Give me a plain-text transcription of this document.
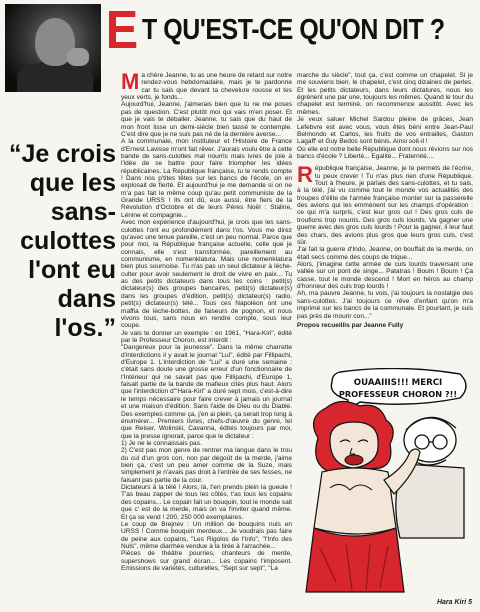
E T QU'EST-CE QU'ON DIT ?
“Je crois que les sans-culottes l'ont eu dans l'os.”

Ma chère Jeanne, tu as une heure de retard sur notre rendez-vous hebdomadaire, mais je te pardonne car tu sais que devant ta chevelure rousse et tes yeux verts, je fonds...

Aujourd'hui, Jeanne, j'aimerais bien que tu ne me poses pas de question. C'est plutôt moi qui vais m'en poser. Et que je vais te déballer. Jeanne, tu sais que du haut de mon front lisse un demi-siècle bien tassé te contemple. C'est dire que je ne suis pas né de la dernière averse...

A la communale, mon instituteur et l'Histoire de France d'Ernest Lavisse m'ont fait rêver. J'aurais voulu être à cette bande de sans-culottes mal nourris mais ivres de joie à l'idée de se battre pour faire triompher les idées républicaines. La République française, tu te rends compte ! Dans nos p'tites têtes sur les bancs de l'école, on en explosait de fierté. Et aujourd'hui je me demande si on ne m'a pas fait le même coup qu'au petit communiste de la Grande URSS ! Ils ont dû, eux aussi, être fiers de la Révolution d'Octobre et de leurs Pères Noël : Staline, Lénine et compagnie...

Avec mon expérience d'aujourd'hui, je crois que les sans-culottes l'ont eu profondément dans l'os. Vous me direz qu'avec une tenue pareille, c'est un peu normal. Parce que pour moi, la République française actuelle, celle que je connais, elle s'est transformée, pareillement au communisme, en nomenklatura. Mais une nomenklatura bien plus sournoise. Tu n'as pas un seul dictateur à lèche-culter pour avoir seulement le droit de vivre en paix... Tu as des petits dictateurs dans tous les coins : petit(s) dictateur(s) des groupes bancaires, petit(s) dictateur(s) dans les groupes d'édition, petit(s) dictateur(s) radio, petit(s) dictateur(s) télé... Tous ces Napoléon ont une maffia de lèche-bottes, de faiseurs de pognon, et nous vivons tous, sans nous en rendre compte, sous leur coupe.

Je vais te donner un exemple : en 1961, "Hara-Kiri", édité par le Professeur Choron, est interdit :

"Dangereux pour la jeunesse". Dans la même charrette d'interdictions il y avait le journal "Lui", édité par Fillipachi, d'Europe 1. L'interdiction de "Lui" a duré une semaine : c'était sans doute une grosse erreur d'un fonctionnaire de l'Intérieur qui ne savait pas que Fillipachi, d'Europe 1, faisait partie de la bande de mafieux cités plus haut. Alors que l'interdiction d'"Hara-Kiri" a duré sept mois, c'est-à-dire le temps nécessaire pour faire crever à jamais un journal et une maison d'édition. Sans l'aide de Dieu ou du Diable. Des exemples comme ça, j'en ai plein, ça serait trop long à énumérer... Premiers livres, chefs-d'œuvre du genre, tel que Reiser, Wolinski, Cavanna, édités toujours par moi, que la presse ignorait, parce que le dictateur :

1) Je ne le connaissais pas.

2) C'est pas mon genre de rentrer ma langue dans le trou du cul d'un gros con, non par dégoût de la merde, j'aime bien ça, c'est un peu amer comme de la Suze, mais simplement je n'avais pas droit à l'entrée de ses fesses, ne faisant pas partie de la cour.

Dictateurs à la télé ! Alors, là, t'en prends plein la gueule ! T'as beau zapper de tous les côtés, t'as tous les copains des copains... Le copain fait un bouquin, tout le monde sait que c' est de la merde, mais on va l'inviter quand même. Et ça se vend ! 200, 250 000 exemplaires.

Le coup de Brejnev : Un million de bouquins nuls en URSS ! Comme bouquin merdeux... Je voudrais pas faire de peine aux copains, "Les Rigolos de l'Info", "l'Info des Nuls", même diarrhée vendue à la tirée à l'arrachée...

Pièces de théâtre pourries, chanteurs de merde, supershows sur grand écran... Les copains l'imposent. Emissions de variétés, culturelles, "Sept sur sept", "La

marche du siècle", tout ça, c'est comme un chapelet. Si je me souviens bien, le chapelet, c'est cinq dizaines de perles. Et les petits dictateurs, dans leurs dictatures, nous les égrènent une par une, toujours les mêmes. Quand le tour du chapelet est terminé, on recommence aussitôt. Avec les mêmes.

Je veux saluer Michel Sardou pleine de grâces, Jean Lefebvre est avec vous, vous êtes béni entre Jean-Paul Belmondo et Carlos, les fruits de vos entrailles, Gaston Lagaff' et Guy Bedos sont bénis. Ainsi soit-il !

Où elle est notre belle République dont nous rêvions sur nos bancs d'école ? Liberté... Egalité... Fraternité....

République française, Jeanne, je te permets de l'écrire, tu peux crever ! Tu n'as plus rien d'une République. Tout à l'heure, je parlais des sans-culottes, et tu sais, à la télé, j'ai vu comme tout le monde vos actualités des troupes d'élite de l'armée française monter sur la passerelle des avions qui les emmènent sur les champs d'opération : ce qui m'a surpris, c'est leur gros cul ! Des gros culs de troufions trop nourris. Des gros culs lourds. Va gagner une guerre avec des gros culs lourds ! Pour la gagner, il leur faut des chars, des avions plus gros que leurs gros culs, c'est sûr.

J'ai fait la guerre d'Indo, Jeanne, on bouffait de la merde, on était secs comme des coups de trique...

Alors, j'imagine cette armée de culs lourds traversant une vallée sur un pont de singe... Patatras ! Boum ! Boum ! Ça casse, tout le monde descend ! Mort en héros au champ d'honneur des culs trop lourds !

Ah, ma pauvre Jeanne, tu vois, j'ai toujours la nostalgie des sans-culottes. J'ai toujours ce rêve d'enfant qu'on m'a imprimé sur les bancs de la communale. Et pourtant, je suis pas près de mourir con..."

Propos recueillis par Jeanne Fully

OUAAIIIS!!! MERCI
PROFESSEUR CHORON ?!!
Hara Kiri 5
